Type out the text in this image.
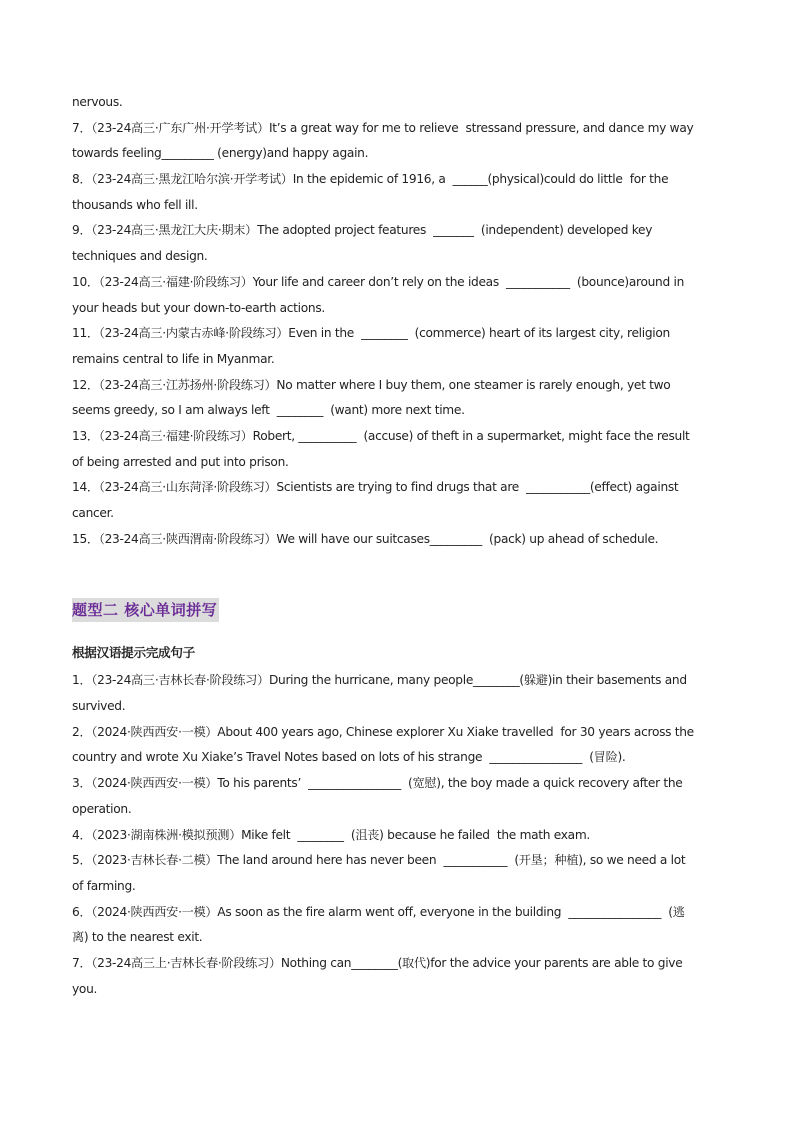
nervous.
7．（23-24高三·广东广州·开学考试）It’s a great way for me to relieve  stressand pressure, and dance my way
towards feeling_________ (energy)and happy again.
8．（23-24高三·黑龙江哈尔滨·开学考试）In the epidemic of 1916, a  ______(physical)could do little  for the
thousands who fell ill.
9．（23-24高三·黑龙江大庆·期末）The adopted project features  _______  (independent) developed key
techniques and design.
10．（23-24高三·福建·阶段练习）Your life and career don’t rely on the ideas  ___________  (bounce)around in
your heads but your down-to-earth actions.
11．（23-24高三·内蒙古赤峰·阶段练习）Even in the  ________  (commerce) heart of its largest city, religion
remains central to life in Myanmar.
12．（23-24高三·江苏扬州·阶段练习）No matter where I buy them, one steamer is rarely enough, yet two
seems greedy, so I am always left  ________  (want) more next time.
13．（23-24高三·福建·阶段练习）Robert, __________  (accuse) of theft in a supermarket, might face the result
of being arrested and put into prison.
14．（23-24高三·山东菏泽·阶段练习）Scientists are trying to find drugs that are  ___________(effect) against
cancer.
15．（23-24高三·陕西渭南·阶段练习）We will have our suitcases_________  (pack) up ahead of schedule.
题型二 核心单词拼写
根据汉语提示完成句子
1．（23-24高三·吉林长春·阶段练习）During the hurricane, many people________(躲避)in their basements and
survived.
2．（2024·陕西西安·一模）About 400 years ago, Chinese explorer Xu Xiake travelled  for 30 years across the
country and wrote Xu Xiake’s Travel Notes based on lots of his strange  ________________  (冒险).
3．（2024·陕西西安·一模）To his parents’  ________________  (宽慰), the boy made a quick recovery after the
operation.
4．（2023·湖南株洲·模拟预测）Mike felt  ________  (沮丧) because he failed  the math exam.
5．（2023·吉林长春·二模）The land around here has never been  ___________  (开垦；种植), so we need a lot
of farming.
6．（2024·陕西西安·一模）As soon as the fire alarm went off, everyone in the building  ________________  (逃
离) to the nearest exit.
7．（23-24高三上·吉林长春·阶段练习）Nothing can________(取代)for the advice your parents are able to give
you.
